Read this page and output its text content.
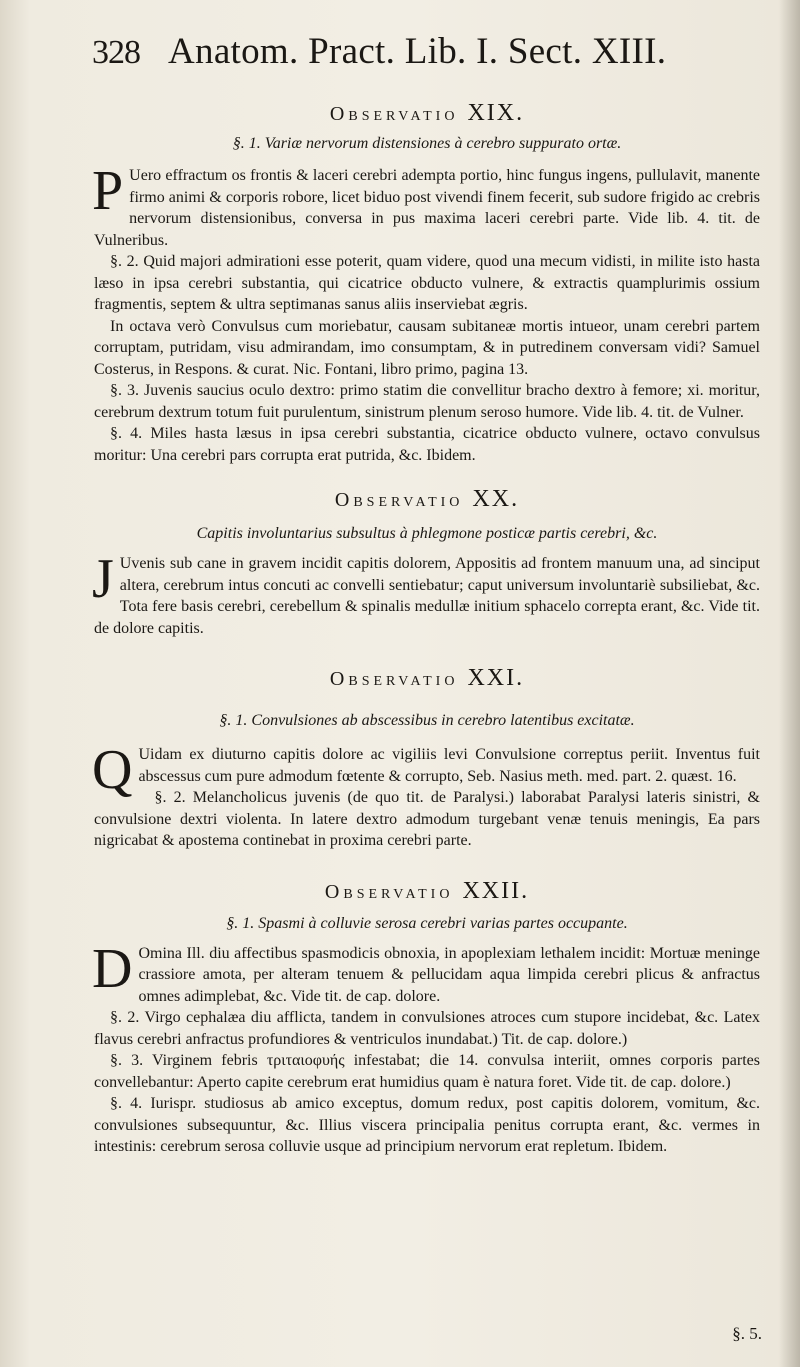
328 Anatom. Pract. Lib. I. Sect. XIII.

Observatio XIX.

§. 1. Variæ nervorum distensiones à cerebro suppurato ortæ.

P Uero effractum os frontis & laceri cerebri adempta portio, hinc fungus ingens, pullulavit, manente firmo animi & corporis robore, licet biduo post vivendi finem fecerit, sub sudore frigido ac crebris nervorum distensionibus, conversa in pus maxima laceri cerebri parte. Vide lib. 4. tit. de Vulneribus.

§. 2. Quid majori admirationi esse poterit, quam videre, quod una mecum vidisti, in milite isto hasta læso in ipsa cerebri substantia, qui cicatrice obducto vulnere, & extractis quamplurimis ossium fragmentis, septem & ultra septimanas sanus aliis inserviebat ægris.

In octava verò Convulsus cum moriebatur, causam subitaneæ mortis intueor, unam cerebri partem corruptam, putridam, visu admirandam, imo consumptam, & in putredinem conversam vidi? Samuel Costerus, in Respons. & curat. Nic. Fontani, libro primo, pagina 13.

§. 3. Juvenis saucius oculo dextro: primo statim die convellitur bracho dextro à femore; xi. moritur, cerebrum dextrum totum fuit purulentum, sinistrum plenum seroso humore. Vide lib. 4. tit. de Vulner.

§. 4. Miles hasta læsus in ipsa cerebri substantia, cicatrice obducto vulnere, octavo convulsus moritur: Una cerebri pars corrupta erat putrida, &c. Ibidem.

Observatio XX.

Capitis involuntarius subsultus à phlegmone posticæ partis cerebri, &c.

J Uvenis sub cane in gravem incidit capitis dolorem, Appositis ad frontem manuum una, ad sinciput altera, cerebrum intus concuti ac convelli sentiebatur; caput universum involuntariè subsiliebat, &c. Tota fere basis cerebri, cerebellum & spinalis medullæ initium sphacelo correpta erant, &c. Vide tit. de dolore capitis.

Observatio XXI.

§. 1. Convulsiones ab abscessibus in cerebro latentibus excitatæ.

Q Uidam ex diuturno capitis dolore ac vigiliis levi Convulsione correptus periit. Inventus fuit abscessus cum pure admodum fœtente & corrupto, Seb. Nasius meth. med. part. 2. quæst. 16.

§. 2. Melancholicus juvenis (de quo tit. de Paralysi.) laborabat Paralysi lateris sinistri, & convulsione dextri violenta. In latere dextro admodum turgebant venæ tenuis meningis, Ea pars nigricabat & apostema continebat in proxima cerebri parte.

Observatio XXII.

§. 1. Spasmi à colluvie serosa cerebri varias partes occupante.

D Omina Ill. diu affectibus spasmodicis obnoxia, in apoplexiam lethalem incidit: Mortuæ meninge crassiore amota, per alteram tenuem & pellucidam aqua limpida cerebri plicus & anfractus omnes adimplebat, &c. Vide tit. de cap. dolore.

§. 2. Virgo cephalæa diu afflicta, tandem in convulsiones atroces cum stupore incidebat, &c. Latex flavus cerebri anfractus profundiores & ventriculos inundabat.) Tit. de cap. dolore.)

§. 3. Virginem febris τριταιοφυής infestabat; die 14. convulsa interiit, omnes corporis partes convellebantur: Aperto capite cerebrum erat humidius quam è natura foret. Vide tit. de cap. dolore.)

§. 4. Iurispr. studiosus ab amico exceptus, domum redux, post capitis dolorem, vomitum, &c. convulsiones subsequuntur, &c. Illius viscera principalia penitus corrupta erant, &c. vermes in intestinis: cerebrum serosa colluvie usque ad principium nervorum erat repletum. Ibidem.

§. 5.
